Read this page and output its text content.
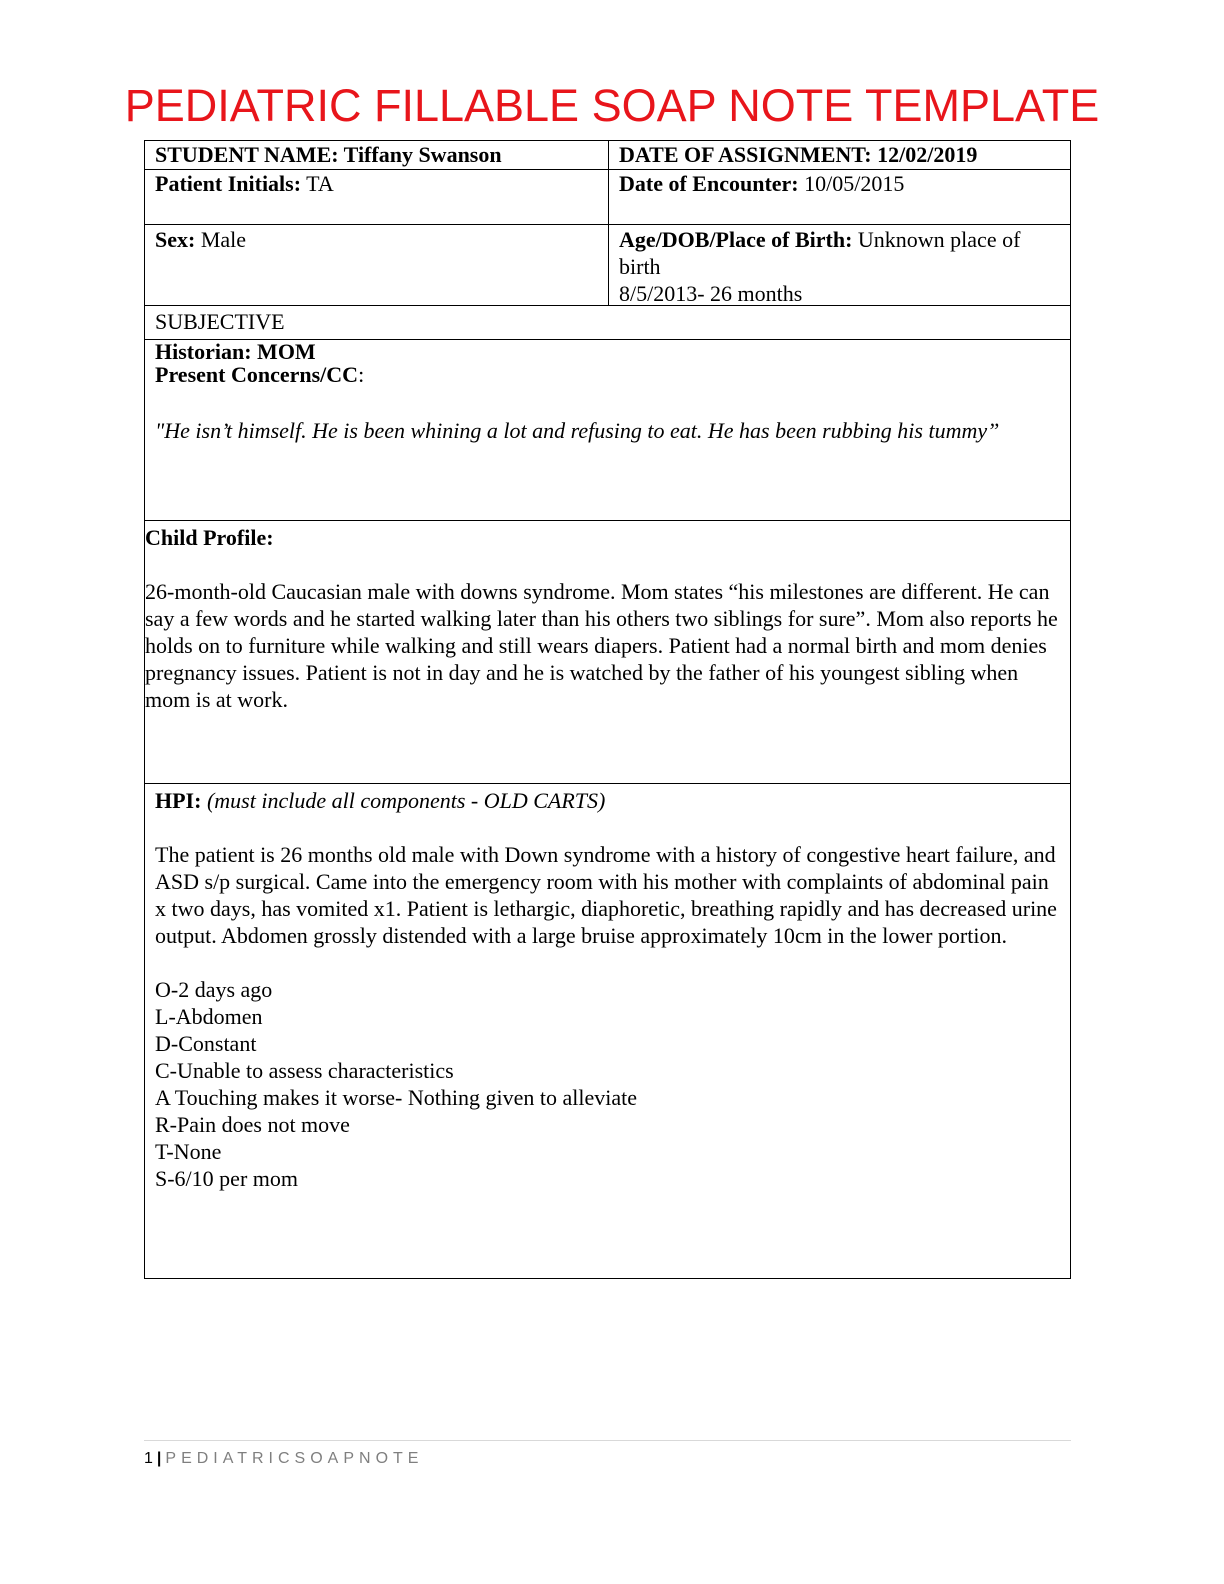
PEDIATRIC FILLABLE SOAP NOTE TEMPLATE
STUDENT NAME: Tiffany Swanson	DATE OF ASSIGNMENT: 12/02/2019
Patient Initials: TA	Date of Encounter: 10/05/2015
Sex: Male	Age/DOB/Place of Birth: Unknown place of birth
8/5/2013- 26 months
SUBJECTIVE
Historian: MOM
Present Concerns/CC:
"He isn’t himself. He is been whining a lot and refusing to eat. He has been rubbing his tummy”
Child Profile:
26-month-old Caucasian male with downs syndrome. Mom states “his milestones are different. He can say a few words and he started walking later than his others two siblings for sure”. Mom also reports he holds on to furniture while walking and still wears diapers. Patient had a normal birth and mom denies pregnancy issues. Patient is not in day and he is watched by the father of his youngest sibling when mom is at work.
HPI: (must include all components - OLD CARTS)
The patient is 26 months old male with Down syndrome with a history of congestive heart failure, and ASD s/p surgical. Came into the emergency room with his mother with complaints of abdominal pain x two days, has vomited x1. Patient is lethargic, diaphoretic, breathing rapidly and has decreased urine output. Abdomen grossly distended with a large bruise approximately 10cm in the lower portion.
O-2 days ago
L-Abdomen
D-Constant
C-Unable to assess characteristics
A Touching makes it worse- Nothing given to alleviate
R-Pain does not move
T-None
S-6/10 per mom
1 | PEDIATRICSOAPNOTE
